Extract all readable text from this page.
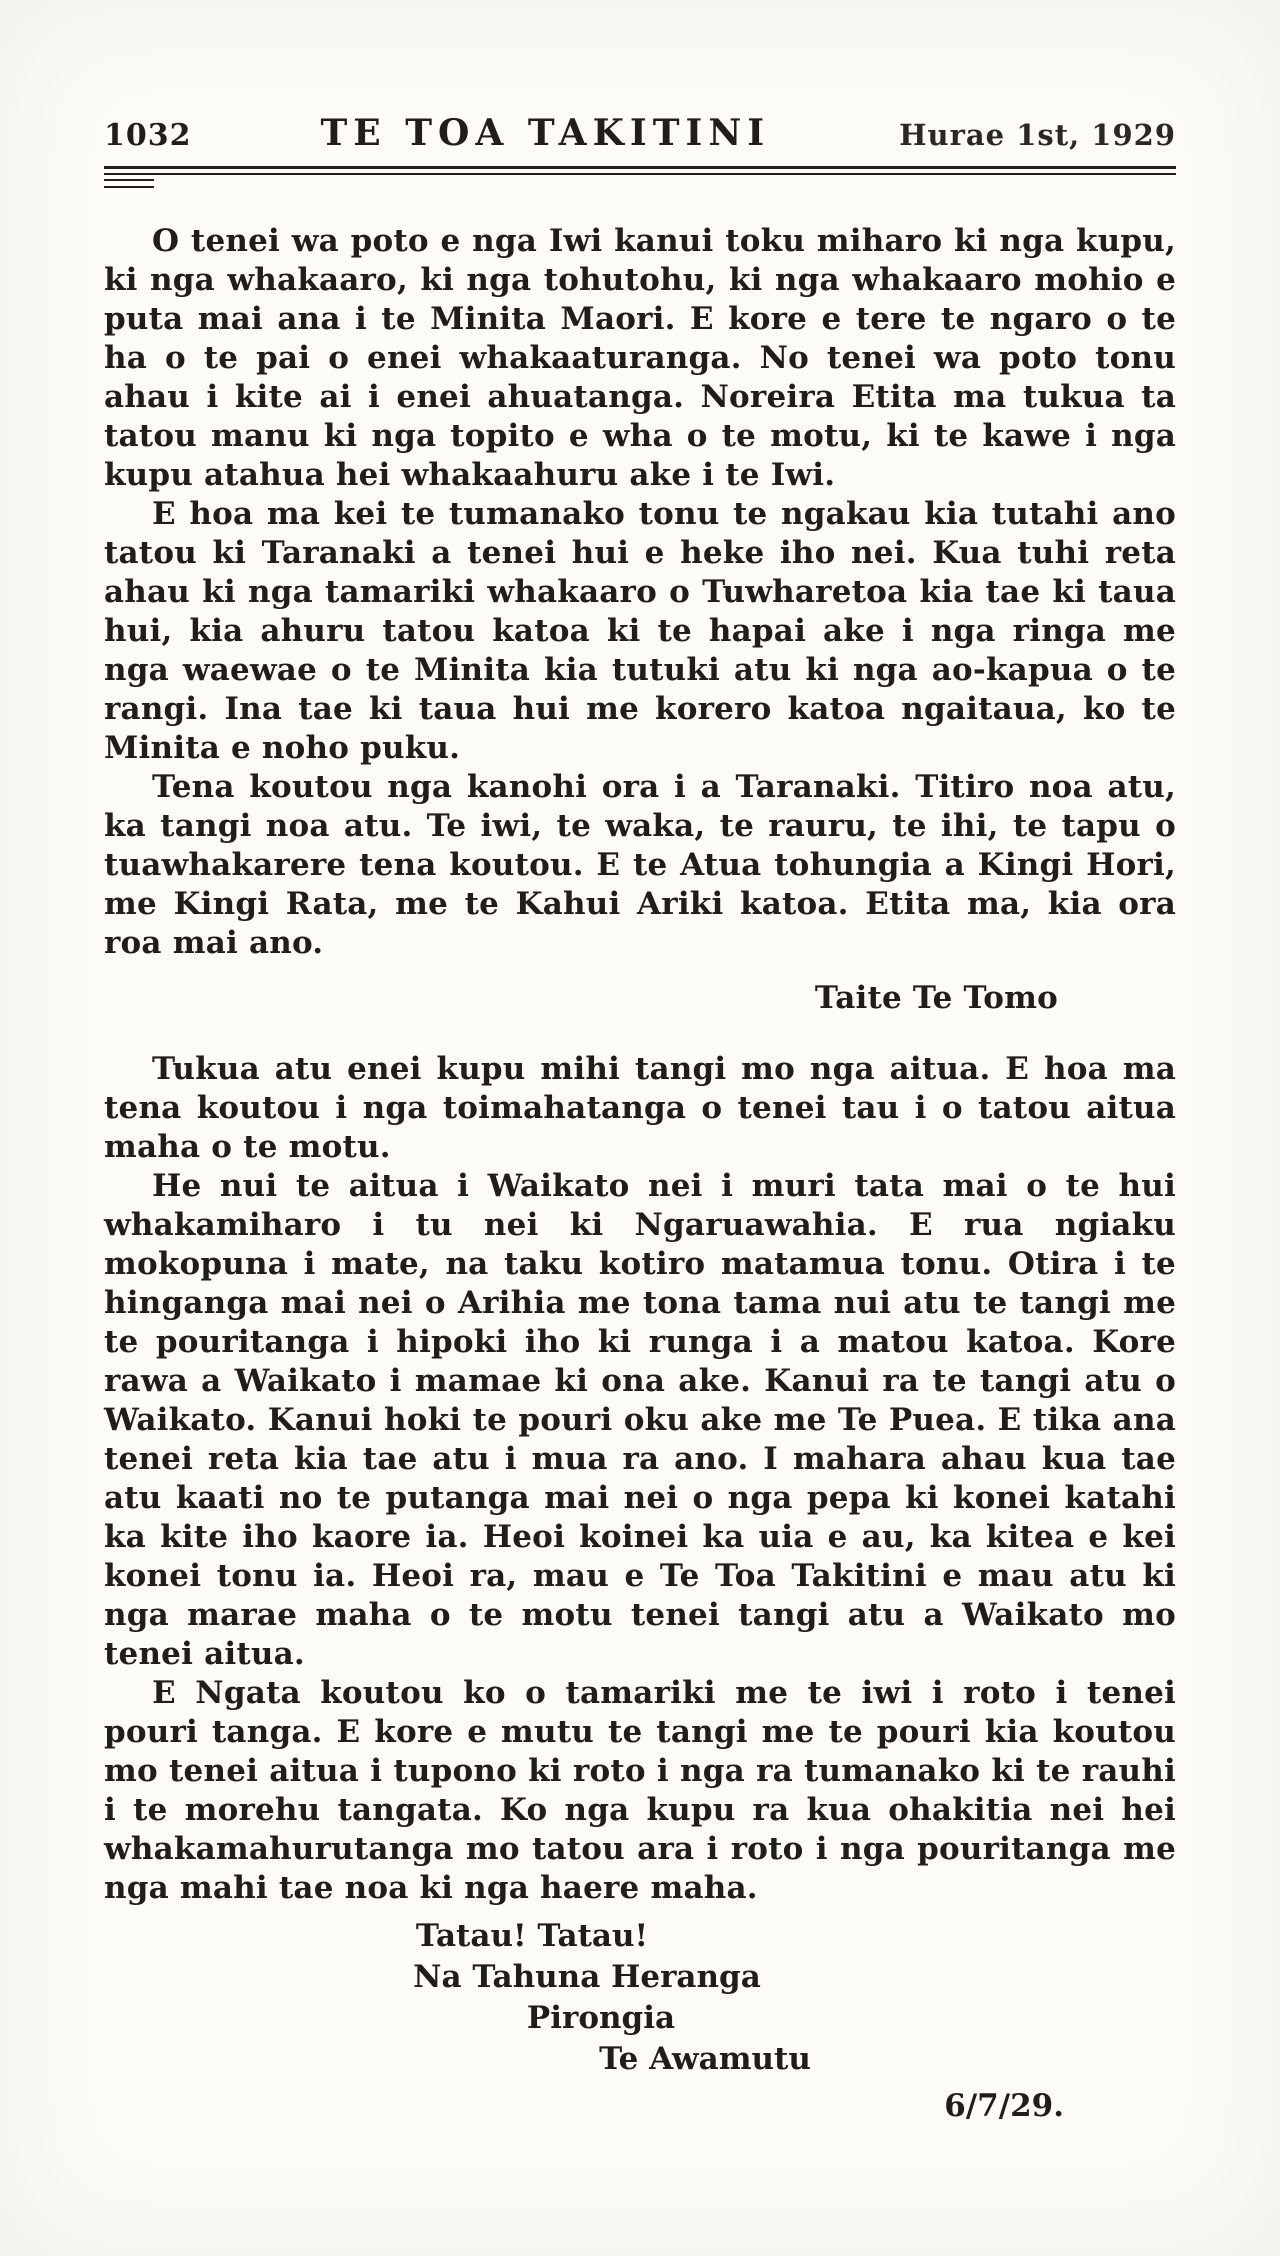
1032	TE TOA TAKITINI	Hurae 1st, 1929

O tenei wa poto e nga Iwi kanui toku miharo ki nga kupu, ki nga whakaaro, ki nga tohutohu, ki nga whakaaro mohio e puta mai ana i te Minita Maori. E kore e tere te ngaro o te ha o te pai o enei whakaaturanga. No tenei wa poto tonu ahau i kite ai i enei ahuatanga. Noreira Etita ma tukua ta tatou manu ki nga topito e wha o te motu, ki te kawe i nga kupu atahua hei whakaahuru ake i te Iwi.

E hoa ma kei te tumanako tonu te ngakau kia tutahi ano tatou ki Taranaki a tenei hui e heke iho nei. Kua tuhi reta ahau ki nga tamariki whakaaro o Tuwharetoa kia tae ki taua hui, kia ahuru tatou katoa ki te hapai ake i nga ringa me nga waewae o te Minita kia tutuki atu ki nga ao-kapua o te rangi. Ina tae ki taua hui me korero katoa ngaitaua, ko te Minita e noho puku.

Tena koutou nga kanohi ora i a Taranaki. Titiro noa atu, ka tangi noa atu. Te iwi, te waka, te rauru, te ihi, te tapu o tuawhakarere tena koutou. E te Atua tohungia a Kingi Hori, me Kingi Rata, me te Kahui Ariki katoa. Etita ma, kia ora roa mai ano.

Taite Te Tomo

Tukua atu enei kupu mihi tangi mo nga aitua. E hoa ma tena koutou i nga toimahatanga o tenei tau i o tatou aitua maha o te motu.

He nui te aitua i Waikato nei i muri tata mai o te hui whakamiharo i tu nei ki Ngaruawahia. E rua ngiaku mokopuna i mate, na taku kotiro matamua tonu. Otira i te hinganga mai nei o Arihia me tona tama nui atu te tangi me te pouritanga i hipoki iho ki runga i a matou katoa. Kore rawa a Waikato i mamae ki ona ake. Kanui ra te tangi atu o Waikato. Kanui hoki te pouri oku ake me Te Puea. E tika ana tenei reta kia tae atu i mua ra ano. I mahara ahau kua tae atu kaati no te putanga mai nei o nga pepa ki konei katahi ka kite iho kaore ia. Heoi koinei ka uia e au, ka kitea e kei konei tonu ia. Heoi ra, mau e Te Toa Takitini e mau atu ki nga marae maha o te motu tenei tangi atu a Waikato mo tenei aitua.

E Ngata koutou ko o tamariki me te iwi i roto i tenei pouri tanga. E kore e mutu te tangi me te pouri kia koutou mo tenei aitua i tupono ki roto i nga ra tumanako ki te rauhi i te morehu tangata. Ko nga kupu ra kua ohakitia nei hei whakamahurutanga mo tatou ara i roto i nga pouritanga me nga mahi tae noa ki nga haere maha.

Tatau! Tatau!
Na Tahuna Heranga
Pirongia
Te Awamutu
6/7/29.
